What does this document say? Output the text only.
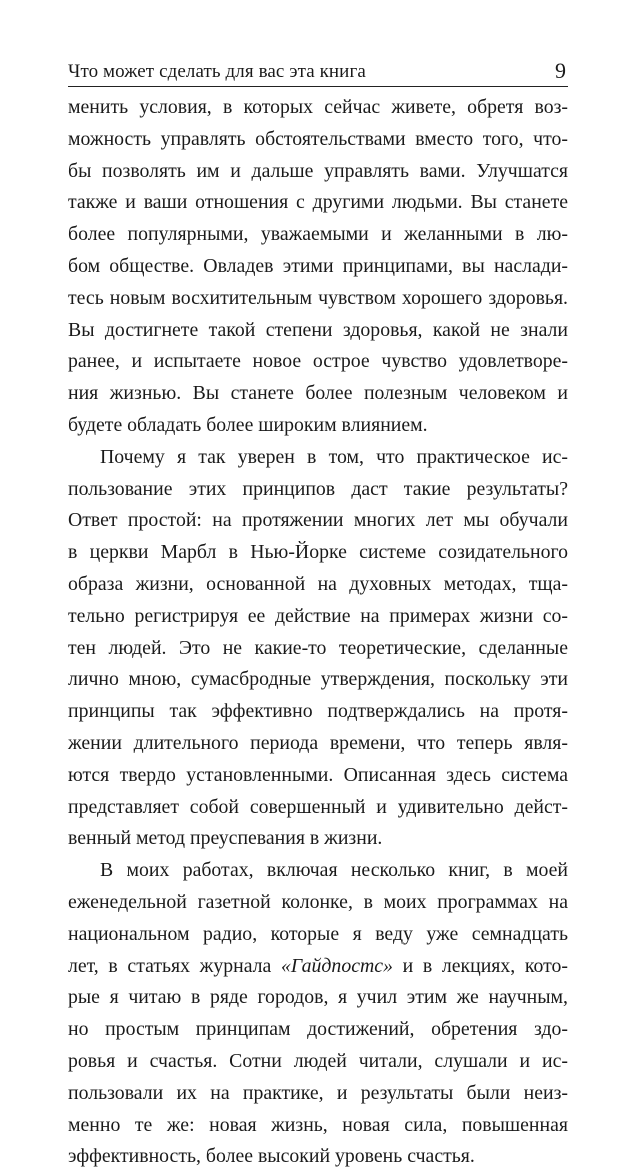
Что может сделать для вас эта книга	9
менить условия, в которых сейчас живете, обретя воз-
можность управлять обстоятельствами вместо того, что-
бы позволять им и дальше управлять вами. Улучшатся
также и ваши отношения с другими людьми. Вы станете
более популярными, уважаемыми и желанными в лю-
бом обществе. Овладев этими принципами, вы наслади-
тесь новым восхитительным чувством хорошего здоровья.
Вы достигнете такой степени здоровья, какой не знали
ранее, и испытаете новое острое чувство удовлетворе-
ния жизнью. Вы станете более полезным человеком и
будете обладать более широким влиянием.
Почему я так уверен в том, что практическое ис-
пользование этих принципов даст такие результаты?
Ответ простой: на протяжении многих лет мы обучали
в церкви Марбл в Нью-Йорке системе созидательного
образа жизни, основанной на духовных методах, тща-
тельно регистрируя ее действие на примерах жизни со-
тен людей. Это не какие-то теоретические, сделанные
лично мною, сумасбродные утверждения, поскольку эти
принципы так эффективно подтверждались на протя-
жении длительного периода времени, что теперь явля-
ются твердо установленными. Описанная здесь система
представляет собой совершенный и удивительно дейст-
венный метод преуспевания в жизни.
В моих работах, включая несколько книг, в моей
еженедельной газетной колонке, в моих программах на
национальном радио, которые я веду уже семнадцать
лет, в статьях журнала «Гайдпостс» и в лекциях, кото-
рые я читаю в ряде городов, я учил этим же научным,
но простым принципам достижений, обретения здо-
ровья и счастья. Сотни людей читали, слушали и ис-
пользовали их на практике, и результаты были неиз-
менно те же: новая жизнь, новая сила, повышенная
эффективность, более высокий уровень счастья.
